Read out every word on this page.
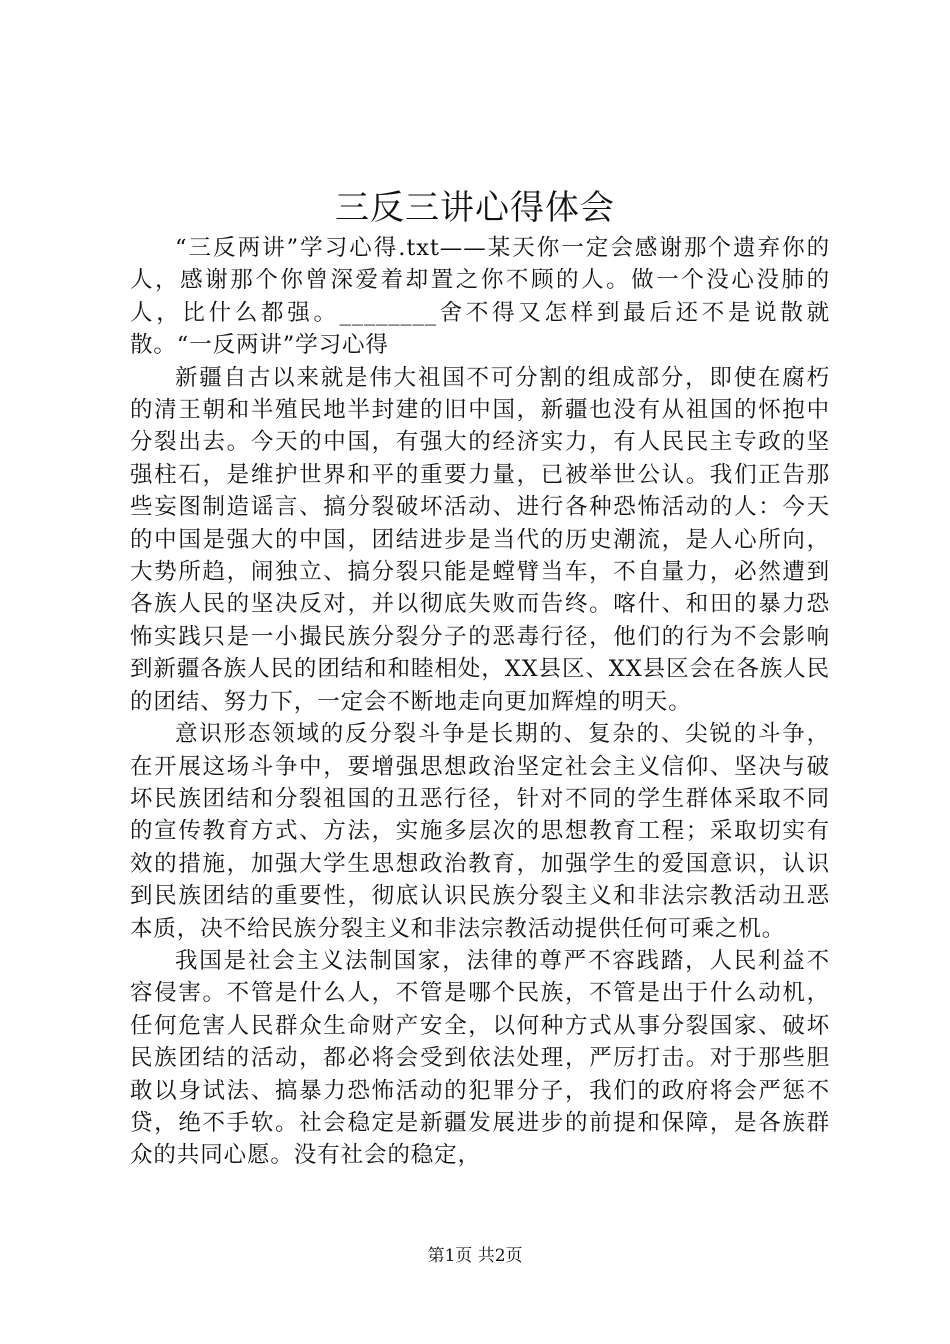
三反三讲心得体会

“三反两讲”学习心得.txt——某天你一定会感谢那个遗弃你的人，感谢那个你曾深爱着却置之你不顾的人。做一个没心没肺的人，比什么都强。________舍不得又怎样到最后还不是说散就散。“一反两讲”学习心得

新疆自古以来就是伟大祖国不可分割的组成部分，即使在腐朽的清王朝和半殖民地半封建的旧中国，新疆也没有从祖国的怀抱中分裂出去。今天的中国，有强大的经济实力，有人民民主专政的坚强柱石，是维护世界和平的重要力量，已被举世公认。我们正告那些妄图制造谣言、搞分裂破坏活动、进行各种恐怖活动的人：今天的中国是强大的中国，团结进步是当代的历史潮流，是人心所向，大势所趋，闹独立、搞分裂只能是螳臂当车，不自量力，必然遭到各族人民的坚决反对，并以彻底失败而告终。喀什、和田的暴力恐怖实践只是一小撮民族分裂分子的恶毒行径，他们的行为不会影响到新疆各族人民的团结和和睦相处，XX县区、XX县区会在各族人民的团结、努力下，一定会不断地走向更加辉煌的明天。

意识形态领域的反分裂斗争是长期的、复杂的、尖锐的斗争，在开展这场斗争中，要增强思想政治坚定社会主义信仰、坚决与破坏民族团结和分裂祖国的丑恶行径，针对不同的学生群体采取不同的宣传教育方式、方法，实施多层次的思想教育工程；采取切实有效的措施，加强大学生思想政治教育，加强学生的爱国意识，认识到民族团结的重要性，彻底认识民族分裂主义和非法宗教活动丑恶本质，决不给民族分裂主义和非法宗教活动提供任何可乘之机。

我国是社会主义法制国家，法律的尊严不容践踏，人民利益不容侵害。不管是什么人，不管是哪个民族，不管是出于什么动机，任何危害人民群众生命财产安全，以何种方式从事分裂国家、破坏民族团结的活动，都必将会受到依法处理，严厉打击。对于那些胆敢以身试法、搞暴力恐怖活动的犯罪分子，我们的政府将会严惩不贷，绝不手软。社会稳定是新疆发展进步的前提和保障，是各族群众的共同心愿。没有社会的稳定，

第1页 共2页
